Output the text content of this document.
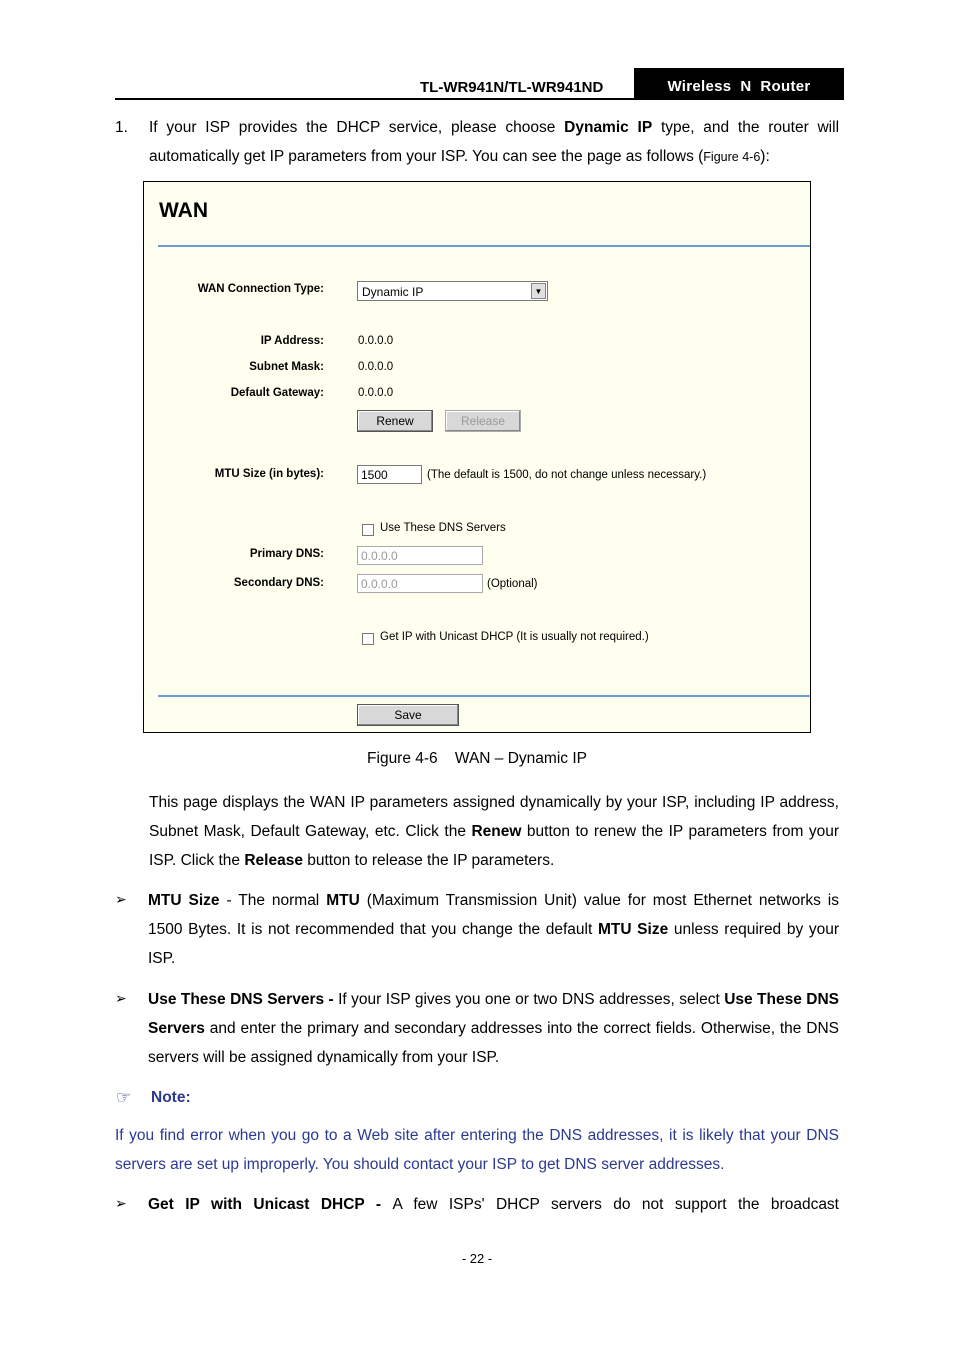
TL-WR941N/TL-WR941ND	Wireless  N  Router
1. If your ISP provides the DHCP service, please choose Dynamic IP type, and the router will automatically get IP parameters from your ISP. You can see the page as follows (Figure 4-6):
WAN
WAN Connection Type:	Dynamic IP	▼
IP Address:	0.0.0.0
Subnet Mask:	0.0.0.0
Default Gateway:	0.0.0.0
Renew	Release
MTU Size (in bytes):	1500	(The default is 1500, do not change unless necessary.)
Use These DNS Servers
Primary DNS:	0.0.0.0
Secondary DNS:	0.0.0.0	(Optional)
Get IP with Unicast DHCP (It is usually not required.)
Save
Figure 4-6    WAN – Dynamic IP
This page displays the WAN IP parameters assigned dynamically by your ISP, including IP address, Subnet Mask, Default Gateway, etc. Click the Renew button to renew the IP parameters from your ISP. Click the Release button to release the IP parameters.
➢ MTU Size - The normal MTU (Maximum Transmission Unit) value for most Ethernet networks is 1500 Bytes. It is not recommended that you change the default MTU Size unless required by your ISP.
➢ Use These DNS Servers - If your ISP gives you one or two DNS addresses, select Use These DNS Servers and enter the primary and secondary addresses into the correct fields. Otherwise, the DNS servers will be assigned dynamically from your ISP.
☞ Note:
If you find error when you go to a Web site after entering the DNS addresses, it is likely that your DNS servers are set up improperly. You should contact your ISP to get DNS server addresses.
➢ Get IP with Unicast DHCP - A few ISPs' DHCP servers do not support the broadcast
- 22 -
